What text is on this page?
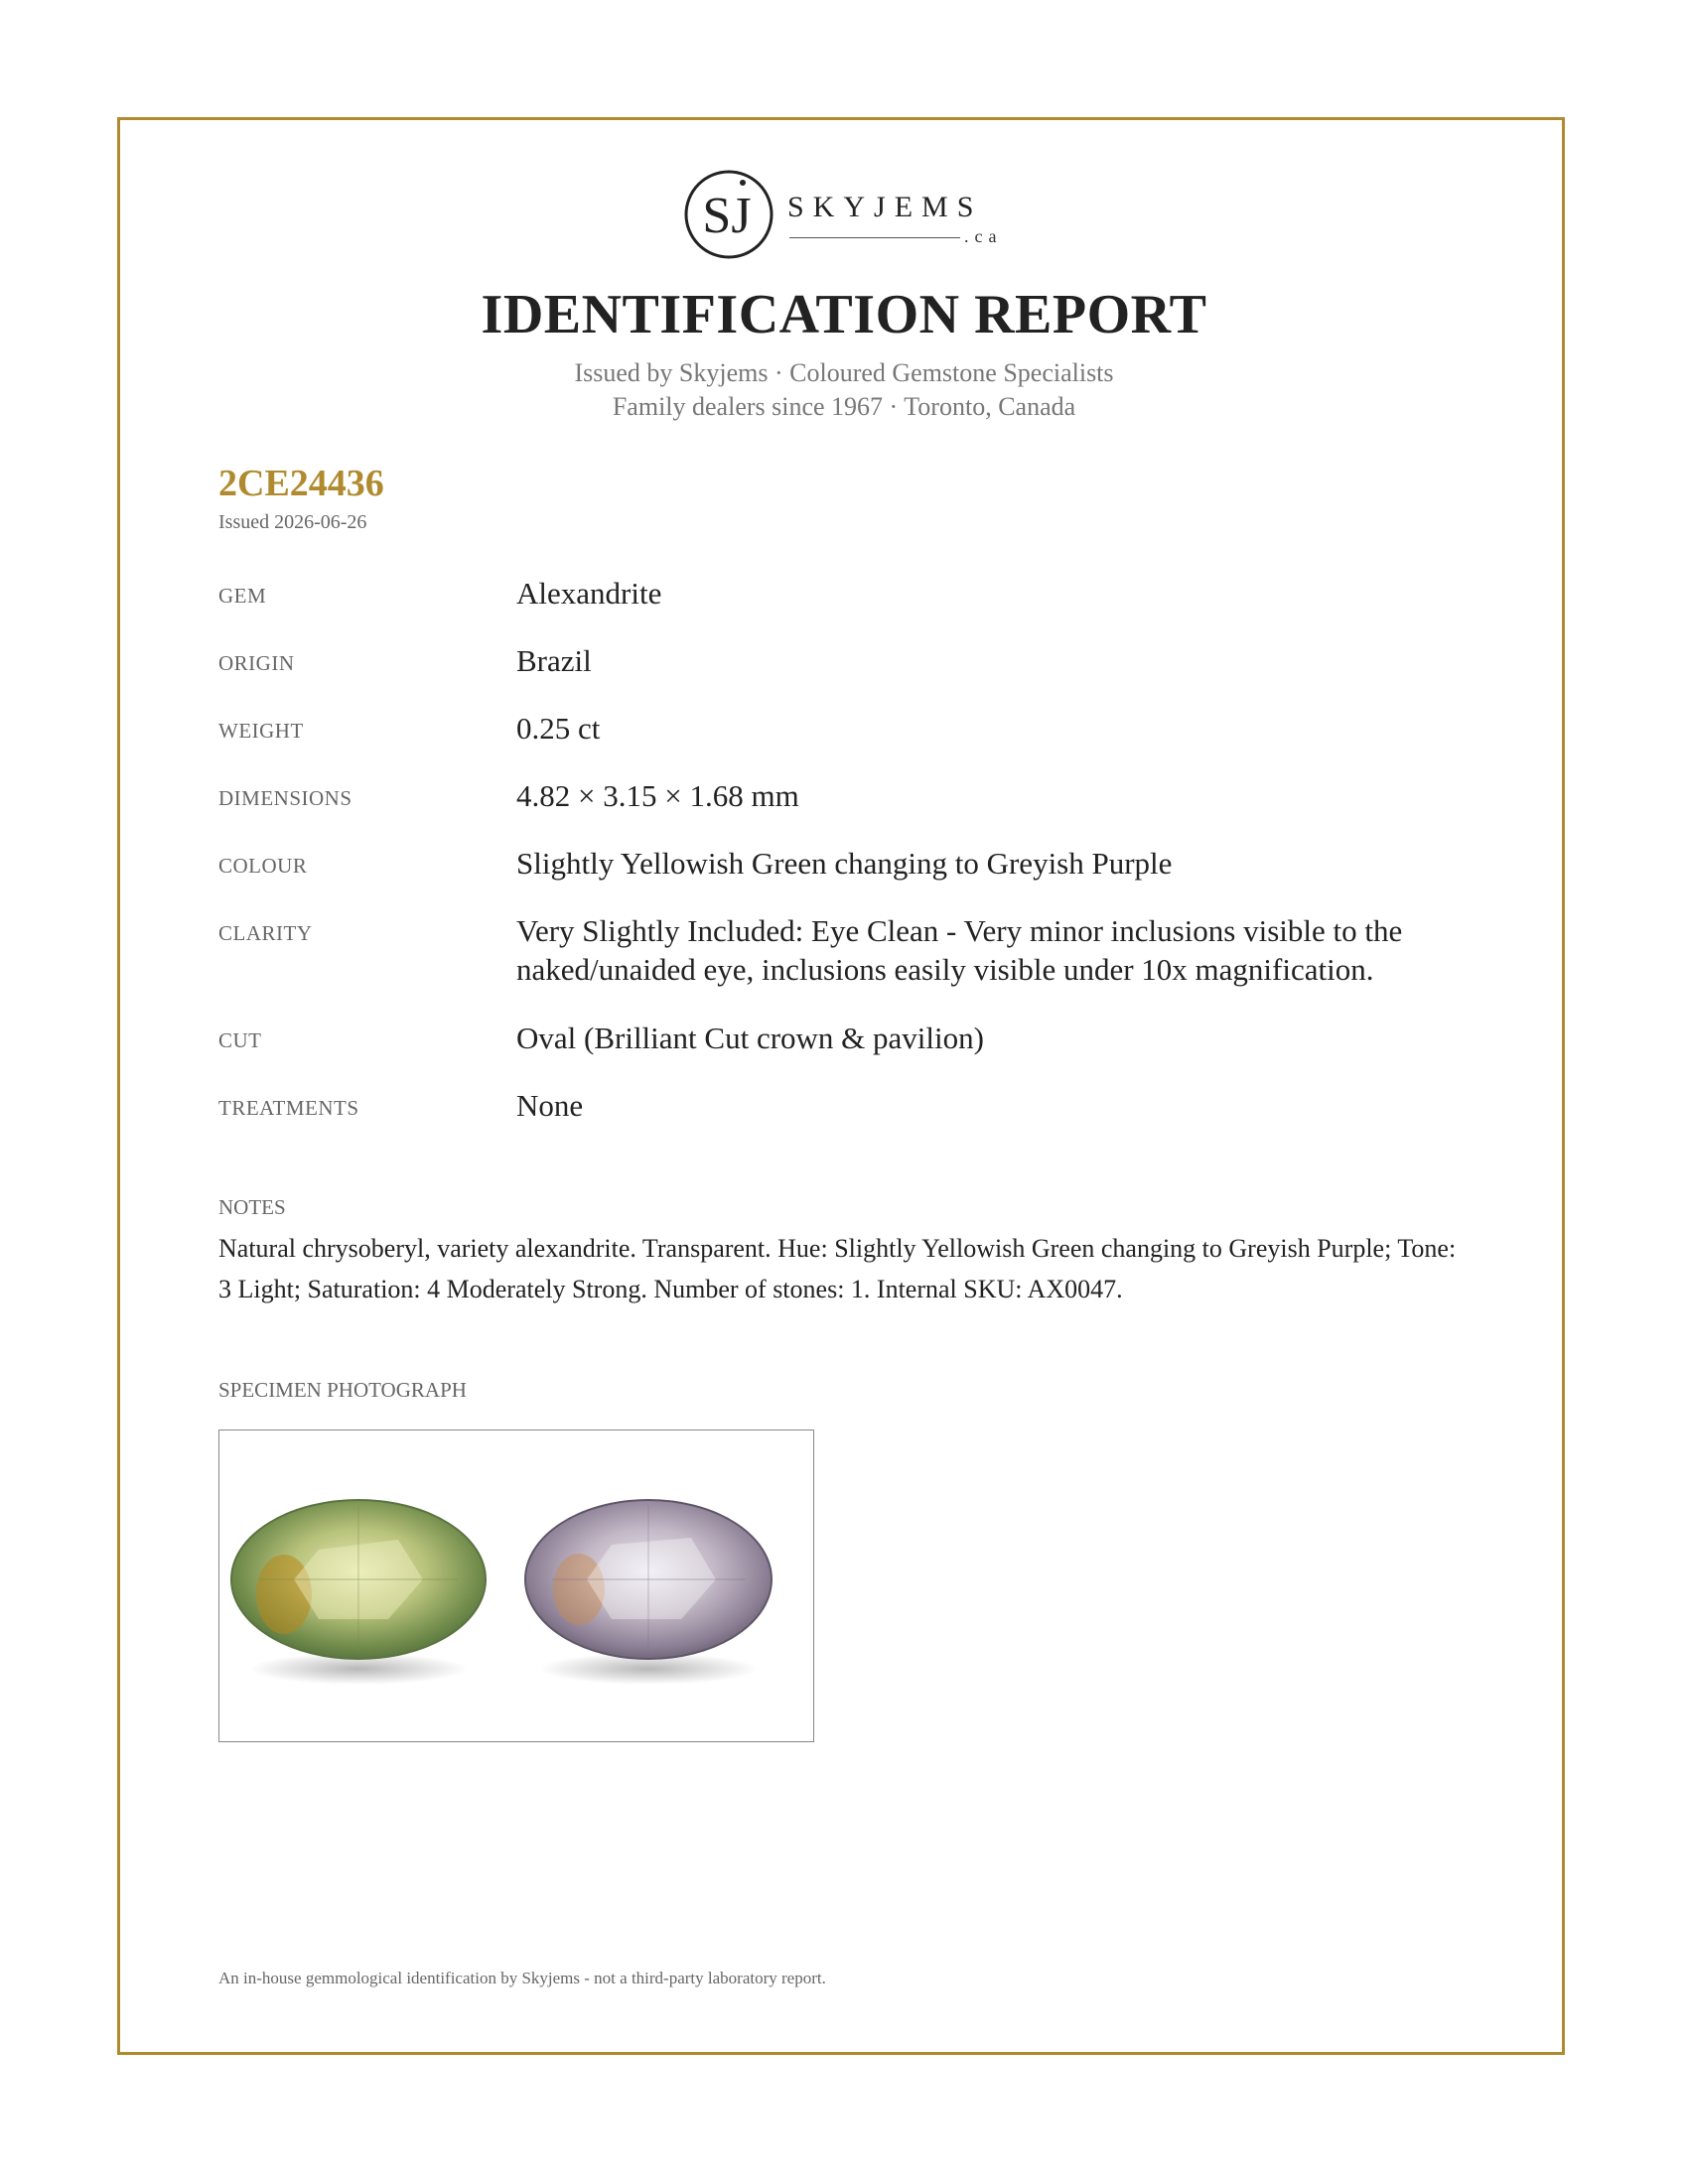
SJ SKYJEMS
.ca
IDENTIFICATION REPORT
Issued by Skyjems · Coloured Gemstone Specialists
Family dealers since 1967 · Toronto, Canada
2CE24436
Issued 2026-06-26
GEM	Alexandrite
ORIGIN	Brazil
WEIGHT	0.25 ct
DIMENSIONS	4.82 × 3.15 × 1.68 mm
COLOUR	Slightly Yellowish Green changing to Greyish Purple
CLARITY	Very Slightly Included: Eye Clean - Very minor inclusions visible to the naked/unaided eye, inclusions easily visible under 10x magnification.
CUT	Oval (Brilliant Cut crown & pavilion)
TREATMENTS	None
NOTES
Natural chrysoberyl, variety alexandrite. Transparent. Hue: Slightly Yellowish Green changing to Greyish Purple; Tone: 3 Light; Saturation: 4 Moderately Strong. Number of stones: 1. Internal SKU: AX0047.
SPECIMEN PHOTOGRAPH
An in-house gemmological identification by Skyjems - not a third-party laboratory report.
